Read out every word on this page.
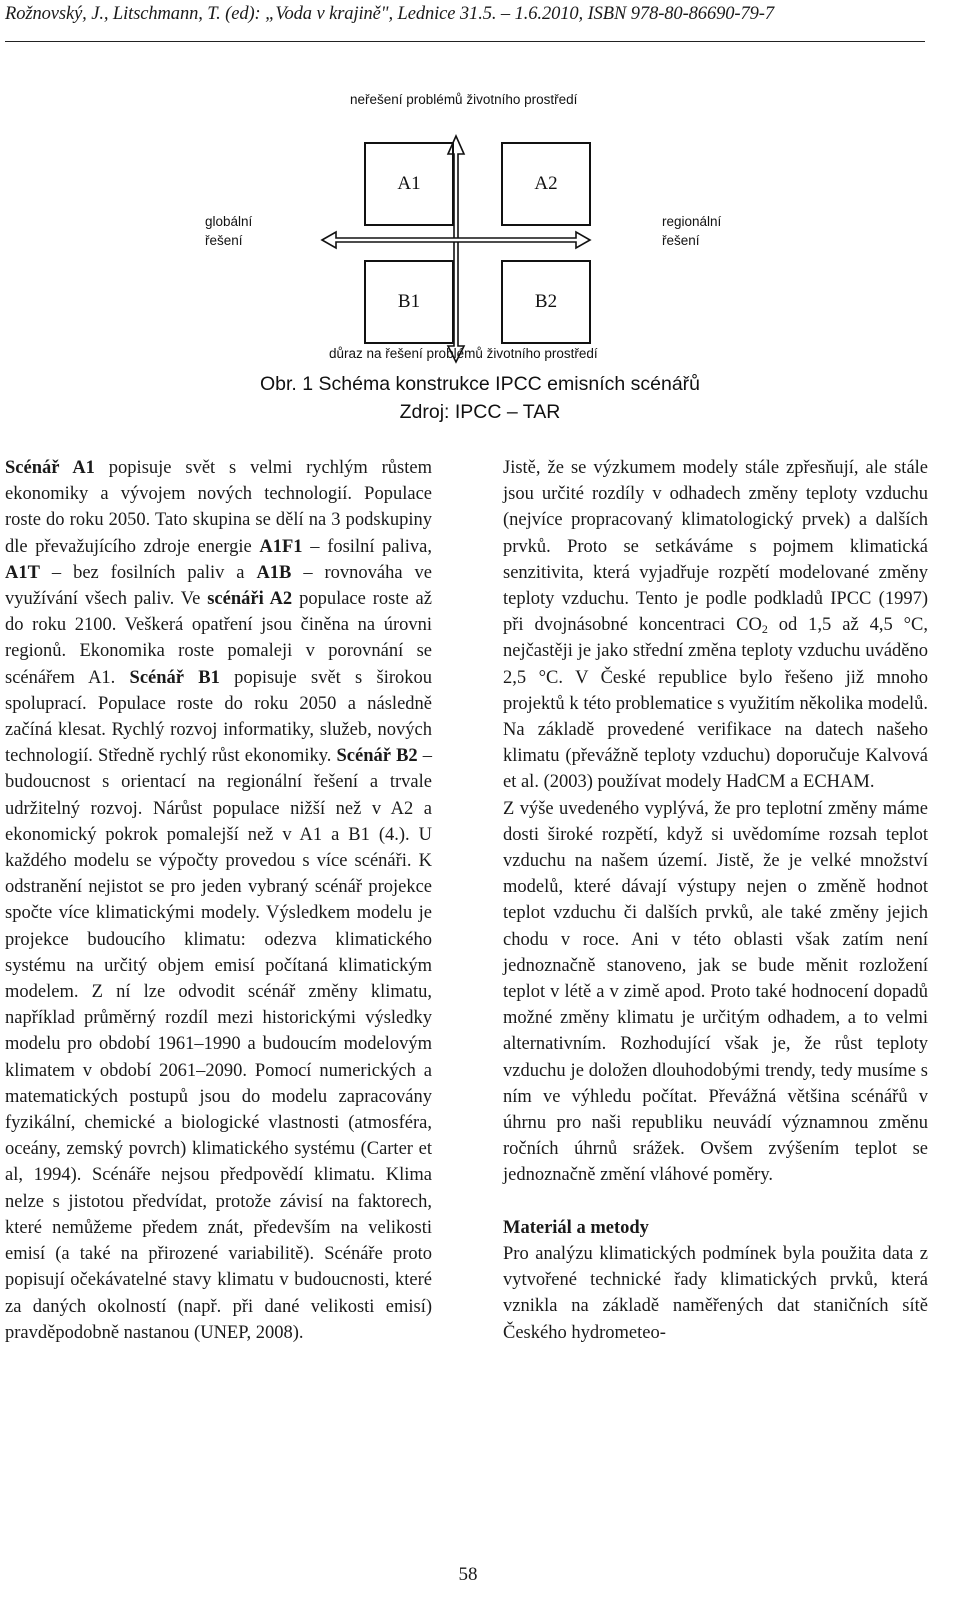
Rožnovský, J., Litschmann, T. (ed): „Voda v krajině", Lednice 31.5. – 1.6.2010, ISBN 978-80-86690-79-7
neřešení problémů životního prostředí
důraz na řešení problémů životního prostředí
globální
řešení
regionální
řešení
A1	A2
B1	B2
Obr. 1 Schéma konstrukce IPCC emisních scénářů
Zdroj: IPCC – TAR

Scénář A1 popisuje svět s velmi rychlým růstem ekonomiky a vývojem nových technologií. Populace roste do roku 2050. Tato skupina se dělí na 3 podskupiny dle převažujícího zdroje energie A1F1 – fosilní paliva, A1T – bez fosilních paliv a A1B – rovnováha ve využívání všech paliv. Ve scénáři A2 populace roste až do roku 2100. Veškerá opatření jsou činěna na úrovni regionů. Ekonomika roste pomaleji v porovnání se scénářem A1. Scénář B1 popisuje svět s širokou spoluprací. Populace roste do roku 2050 a následně začíná klesat. Rychlý rozvoj informatiky, služeb, nových technologií. Středně rychlý růst ekonomiky. Scénář B2 – budoucnost s orientací na regionální řešení a trvale udržitelný rozvoj. Nárůst populace nižší než v A2 a ekonomický pokrok pomalejší než v A1 a B1 (4.). U každého modelu se výpočty provedou s více scénáři. K odstranění nejistot se pro jeden vybraný scénář projekce spočte více klimatickými modely. Výsledkem modelu je projekce budoucího klimatu: odezva klimatického systému na určitý objem emisí počítaná klimatickým modelem. Z ní lze odvodit scénář změny klimatu, například průměrný rozdíl mezi historickými výsledky modelu pro období 1961–1990 a budoucím modelovým klimatem v období 2061–2090. Pomocí numerických a matematických postupů jsou do modelu zapracovány fyzikální, chemické a biologické vlastnosti (atmosféra, oceány, zemský povrch) klimatického systému (Carter et al, 1994). Scénáře nejsou předpovědí klimatu. Klima nelze s jistotou předvídat, protože závisí na faktorech, které nemůžeme předem znát, především na velikosti emisí (a také na přirozené variabilitě). Scénáře proto popisují očekávatelné stavy klimatu v budoucnosti, které za daných okolností (např. při dané velikosti emisí) pravděpodobně nastanou (UNEP, 2008).

Jistě, že se výzkumem modely stále zpřesňují, ale stále jsou určité rozdíly v odhadech změny teploty vzduchu (nejvíce propracovaný klimatologický prvek) a dalších prvků. Proto se setkáváme s pojmem klimatická senzitivita, která vyjadřuje rozpětí modelované změny teploty vzduchu. Tento je podle podkladů IPCC (1997) při dvojnásobné koncentraci $CO_2$ od 1,5 až 4,5 °C, nejčastěji je jako střední změna teploty vzduchu uváděno 2,5 °C. V České republice bylo řešeno již mnoho projektů k této problematice s využitím několika modelů. Na základě provedené verifikace na datech našeho klimatu (převážně teploty vzduchu) doporučuje Kalvová et al. (2003) používat modely HadCM a ECHAM.

Z výše uvedeného vyplývá, že pro teplotní změny máme dosti široké rozpětí, když si uvědomíme rozsah teplot vzduchu na našem území. Jistě, že je velké množství modelů, které dávají výstupy nejen o změně hodnot teplot vzduchu či dalších prvků, ale také změny jejich chodu v roce. Ani v této oblasti však zatím není jednoznačně stanoveno, jak se bude měnit rozložení teplot v létě a v zimě apod. Proto také hodnocení dopadů možné změny klimatu je určitým odhadem, a to velmi alternativním. Rozhodující však je, že růst teploty vzduchu je doložen dlouhodobými trendy, tedy musíme s ním ve výhledu počítat. Převážná většina scénářů v úhrnu pro naši republiku neuvádí významnou změnu ročních úhrnů srážek. Ovšem zvýšením teplot se jednoznačně změní vláhové poměry.

Materiál a metody

Pro analýzu klimatických podmínek byla použita data z vytvořené technické řady klimatických prvků, která vznikla na základě naměřených dat staničních sítě Českého hydrometeo-

58
